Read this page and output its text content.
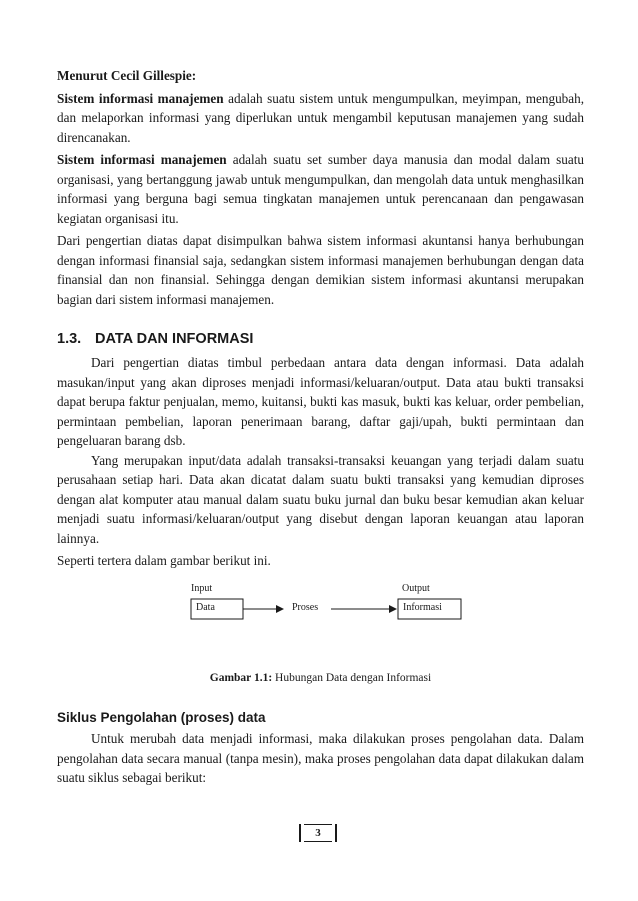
Menurut Cecil Gillespie:

Sistem informasi manajemen adalah suatu sistem untuk mengumpulkan, meyimpan, mengubah, dan melaporkan informasi yang diperlukan untuk mengambil keputusan manajemen yang sudah direncanakan.

Sistem informasi manajemen adalah suatu set sumber daya manusia dan modal dalam suatu organisasi, yang bertanggung jawab untuk mengumpulkan, dan mengolah data untuk menghasilkan informasi yang berguna bagi semua tingkatan manajemen untuk perencanaan dan pengawasan kegiatan organisasi itu.

Dari pengertian diatas dapat disimpulkan bahwa sistem informasi akuntansi hanya berhubungan dengan informasi finansial saja, sedangkan sistem informasi manajemen berhubungan dengan data finansial dan non finansial. Sehingga dengan demikian sistem informasi akuntansi merupakan bagian dari sistem informasi manajemen.

1.3. DATA DAN INFORMASI

Dari pengertian diatas timbul perbedaan antara data dengan informasi. Data adalah masukan/input yang akan diproses menjadi informasi/keluaran/output. Data atau bukti transaksi dapat berupa faktur penjualan, memo, kuitansi, bukti kas masuk, bukti kas keluar, order pembelian, permintaan pembelian, laporan penerimaan barang, daftar gaji/upah, bukti permintaan dan pengeluaran barang dsb.

Yang merupakan input/data adalah transaksi-transaksi keuangan yang terjadi dalam suatu perusahaan setiap hari. Data akan dicatat dalam suatu bukti transaksi yang kemudian diproses dengan alat komputer atau manual dalam suatu buku jurnal dan buku besar kemudian akan keluar menjadi suatu informasi/keluaran/output yang disebut dengan laporan keuangan atau laporan lainnya.

Seperti tertera dalam gambar berikut ini.

Input	Output
Data	Proses	Informasi

Gambar 1.1: Hubungan Data dengan Informasi

Siklus Pengolahan (proses) data

Untuk merubah data menjadi informasi, maka dilakukan proses pengolahan data. Dalam pengolahan data secara manual (tanpa mesin), maka proses pengolahan data dapat dilakukan dalam suatu siklus sebagai berikut:

3
